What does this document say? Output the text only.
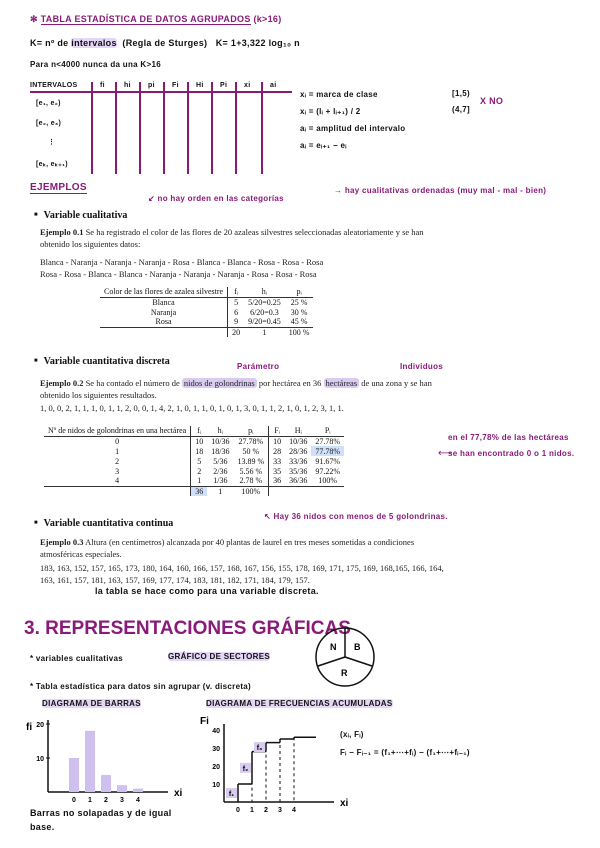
✻ TABLA ESTADÍSTICA DE DATOS AGRUPADOS (k>16)
K= nº de intervalos (Regla de Sturges) K= 1+3,322 log₁₀ n
Para n<4000 nunca da una K>16
INTERVALOS	fi	hi pi Fi Hi Pi xi	ai
[e₁, e₂)
[e₂, e₃)
⋮
[eₖ, eₖ₊₁)
xᵢ = marca de clase
xᵢ = (lᵢ + lᵢ₊₁) / 2
aᵢ = amplitud del intervalo
aᵢ = eᵢ₊₁ − eᵢ
[1,5)
(4,7]
X NO
EJEMPLOS
↙ no hay orden en las categorías
→ hay cualitativas ordenadas (muy mal - mal - bien)
■ Variable cualitativa
Ejemplo 0.1 Se ha registrado el color de las flores de 20 azaleas silvestres seleccionadas aleatoriamente y se han obtenido los siguientes datos:
Blanca - Naranja - Naranja - Naranja - Rosa - Blanca - Blanca - Rosa - Rosa - Rosa
Rosa - Rosa - Blanca - Blanca - Naranja - Naranja - Naranja - Rosa - Rosa - Rosa
Color de las flores de azalea silvestre	fᵢ	hᵢ	pᵢ
Blanca	5	5/20=0.25	25 %
Naranja	6	6/20=0.3	30 %
Rosa	9	9/20=0.45	45 %
	20	1	100 %
Parámetro	Individuos
■ Variable cuantitativa discreta
Ejemplo 0.2 Se ha contado el número de nidos de golondrinas por hectárea en 36 hectáreas de una zona y se han obtenido los siguientes resultados.
1, 0, 0, 2, 1, 1, 1, 0, 1, 1, 2, 0, 0, 1, 4, 2, 1, 0, 1, 1, 0, 1, 0, 1, 3, 0, 1, 1, 2, 1, 0, 1, 2, 3, 1, 1.
Nº de nidos de golondrinas en una hectárea	fᵢ	hᵢ	pᵢ	Fᵢ	Hᵢ	Pᵢ
0	10	10/36	27.78%	10	10/36	27.78%
1	18	18/36	50 %	28	28/36	77.78%
2	5	5/36	13.89 %	33	33/36	91.67%
3	2	2/36	5.56 %	35	35/36	97.22%
4	1	1/36	2.78 %	36	36/36	100%
	36	1	100%			
⟵
en el 77,78% de las hectáreas se han encontrado 0 o 1 nidos.
↖ Hay 36 nidos con menos de 5 golondrinas.
■ Variable cuantitativa continua
Ejemplo 0.3 Altura (en centímetros) alcanzada por 40 plantas de laurel en tres meses sometidas a condiciones atmosféricas especiales.
183, 163, 152, 157, 165, 173, 180, 164, 160, 166, 157, 168, 167, 156, 155, 178, 169, 171, 175, 169, 168,165, 166, 164, 163, 161, 157, 181, 163, 157, 169, 177, 174, 183, 181, 182, 171, 184, 179, 157.
la tabla se hace como para una variable discreta.
3. REPRESENTACIONES GRÁFICAS
N B
R
* variables cualitativas	GRÁFICO DE SECTORES
* Tabla estadística para datos sin agrupar (v. discreta)
DIAGRAMA DE BARRAS	DIAGRAMA DE FRECUENCIAS ACUMULADAS
fi
xi
10
20
0 1 2 3 4
Fi
xi
10
20
30
40
0 1 2 3 4
f₁
f₂
f₃
Barras no solapadas y de igual base.
(xᵢ, Fᵢ)
Fᵢ − Fᵢ₋₁ = (f₁+⋯+fᵢ) − (f₁+⋯+fᵢ₋₁)
